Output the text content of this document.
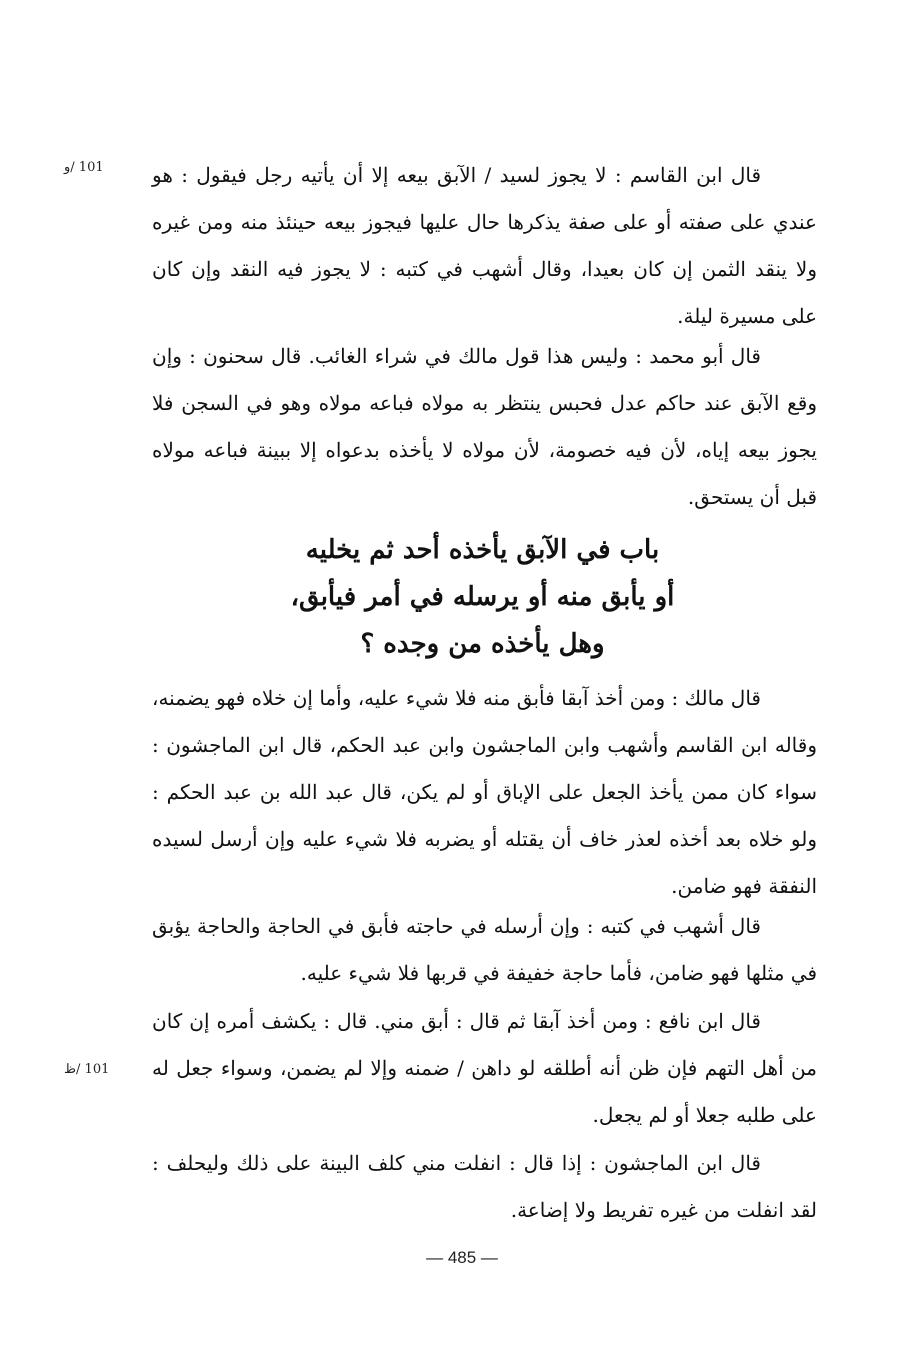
101 /و	قال ابن القاسم : لا يجوز لسيد / الآبق بيعه إلا أن يأتيه رجل فيقول : هو عندي على صفته أو على صفة يذكرها حال عليها فيجوز بيعه حينئذ منه ومن غيره ولا ينقد الثمن إن كان بعيدا، وقال أشهب في كتبه : لا يجوز فيه النقد وإن كان على مسيرة ليلة.
قال أبو محمد : وليس هذا قول مالك في شراء الغائب. قال سحنون : وإن وقع الآبق عند حاكم عدل فحبس ينتظر به مولاه فباعه مولاه وهو في السجن فلا يجوز بيعه إياه، لأن فيه خصومة، لأن مولاه لا يأخذه بدعواه إلا ببينة فباعه مولاه قبل أن يستحق.
باب في الآبق يأخذه أحد ثم يخليه
أو يأبق منه أو يرسله في أمر فيأبق،
وهل يأخذه من وجده ؟
قال مالك : ومن أخذ آبقا فأبق منه فلا شيء عليه، وأما إن خلاه فهو يضمنه، وقاله ابن القاسم وأشهب وابن الماجشون وابن عبد الحكم، قال ابن الماجشون : سواء كان ممن يأخذ الجعل على الإباق أو لم يكن، قال عبد الله بن عبد الحكم : ولو خلاه بعد أخذه لعذر خاف أن يقتله أو يضربه فلا شيء عليه وإن أرسل لسيده النفقة فهو ضامن.
قال أشهب في كتبه : وإن أرسله في حاجته فأبق في الحاجة والحاجة يؤبق في مثلها فهو ضامن، فأما حاجة خفيفة في قربها فلا شيء عليه.
101 /ظ
قال ابن نافع : ومن أخذ آبقا ثم قال : أبق مني. قال : يكشف أمره إن كان من أهل التهم فإن ظن أنه أطلقه لو داهن / ضمنه وإلا لم يضمن، وسواء جعل له على طلبه جعلا أو لم يجعل.
قال ابن الماجشون : إذا قال : انفلت مني كلف البينة على ذلك وليحلف : لقد انفلت من غيره تفريط ولا إضاعة.
— 485 —
